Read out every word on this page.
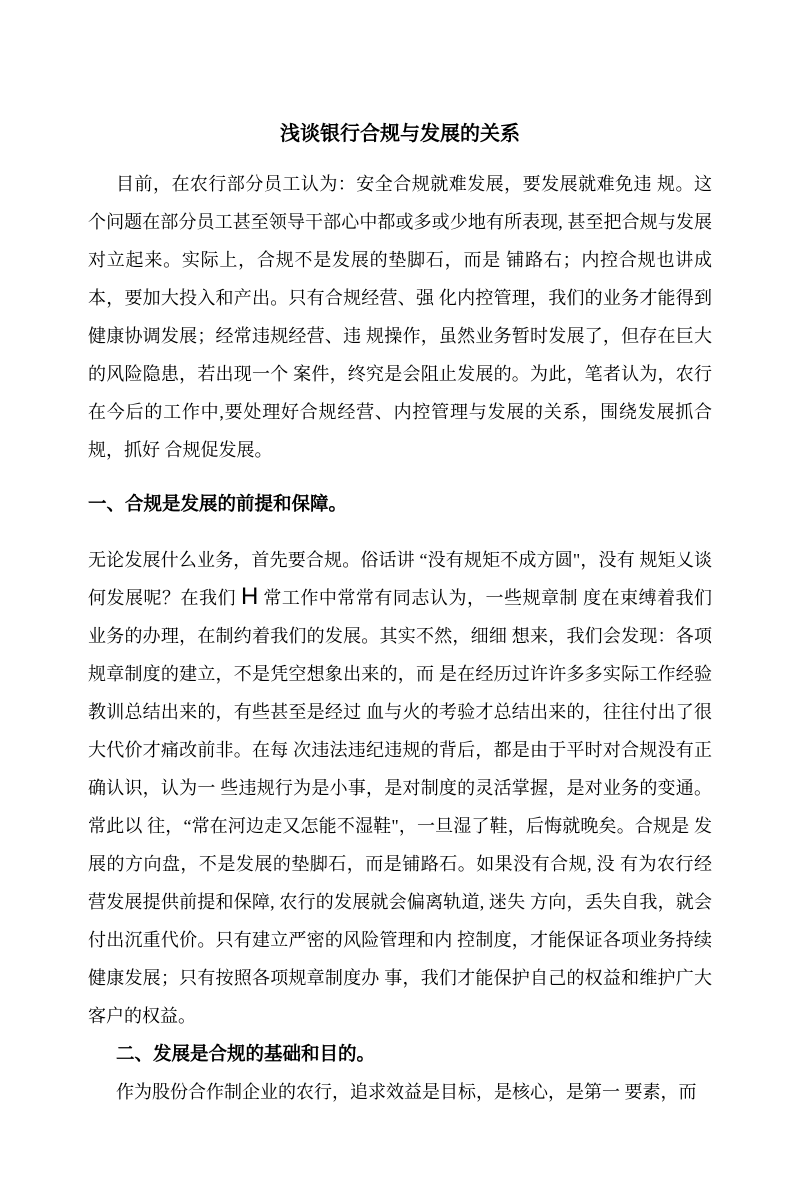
浅谈银行合规与发展的关系

目前，在农行部分员工认为：安全合规就难发展，要发展就难免违 规。这个问题在部分员工甚至领导干部心中都或多或少地有所表现, 甚至把合规与发展对立起来。实际上，合规不是发展的垫脚石，而是 铺路右；内控合规也讲成本，要加大投入和产出。只有合规经营、强 化内控管理，我们的业务才能得到健康协调发展；经常违规经营、违 规操作，虽然业务暂时发展了，但存在巨大的风险隐患，若出现一个 案件，终究是会阻止发展的。为此，笔者认为，农行在今后的工作中,要处理好合规经营、内控管理与发展的关系，围绕发展抓合规，抓好 合规促发展。

一、合规是发展的前提和保障。

无论发展什么业务，首先要合规。俗话讲 “没有规矩不成方圆"，没有 规矩乂谈何发展呢？在我们 H 常工作中常常有同志认为，一些规章制 度在束缚着我们业务的办理，在制约着我们的发展。其实不然，细细 想来，我们会发现：各项规章制度的建立，不是凭空想象出来的，而 是在经历过许许多多实际工作经验教训总结出来的，有些甚至是经过 血与火的考验才总结出来的，往往付出了很大代价才痛改前非。在每 次违法违纪违规的背后，都是由于平时对合规没有正确认识，认为一 些违规行为是小事，是对制度的灵活掌握，是对业务的变通。常此以 往，“常在河边走又怎能不湿鞋"，一旦湿了鞋，后悔就晚矣。合规是 发展的方向盘，不是发展的垫脚石，而是铺路石。如果没有合规, 没 有为农行经营发展提供前提和保障, 农行的发展就会偏离轨道, 迷失 方向，丢失自我，就会付出沉重代价。只有建立严密的风险管理和内 控制度，才能保证各项业务持续健康发展；只有按照各项规章制度办 事，我们才能保护自己的权益和维护广大客户的权益。

二、发展是合规的基础和目的。

作为股份合作制企业的农行，追求效益是目标，是核心，是第一 要素，而
